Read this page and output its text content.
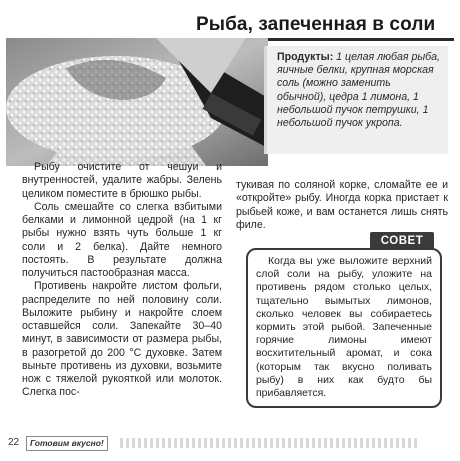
Рыба, запеченная в соли
Продукты: 1 целая любая рыба, яичные белки, крупная морская соль (можно заменить обычной), цедра 1 лимона, 1 небольшой пучок петрушки, 1 небольшой пучок укропа.

Рыбу очистите от чешуи и внутренностей, удалите жабры. Зелень целиком поместите в брюшко рыбы.

Соль смешайте со слегка взбитыми белками и лимонной цедрой (на 1 кг рыбы нужно взять чуть больше 1 кг соли и 2 белка). Дайте немного постоять. В результате должна получиться пастообразная масса.

Противень накройте листом фольги, распределите по ней половину соли. Выложите рыбину и накройте слоем оставшейся соли. Запекайте 30–40 минут, в зависимости от размера рыбы, в разогретой до 200 °С духовке. Затем выньте противень из духовки, возьмите нож с тяжелой рукояткой или молоток. Слегка пос-

тукивая по соляной корке, сломайте ее и «откройте» рыбу. Иногда корка пристает к рыбьей коже, и вам останется лишь снять филе.

СОВЕТ

Когда вы уже выложите верхний слой соли на рыбу, уложите на противень рядом столько целых, тщательно вымытых лимонов, сколько человек вы собираетесь кормить этой рыбой. Запеченные горячие лимоны имеют восхитительный аромат, и сока (которым так вкусно поливать рыбу) в них как будто бы прибавляется.

22	Готовим вкусно!
